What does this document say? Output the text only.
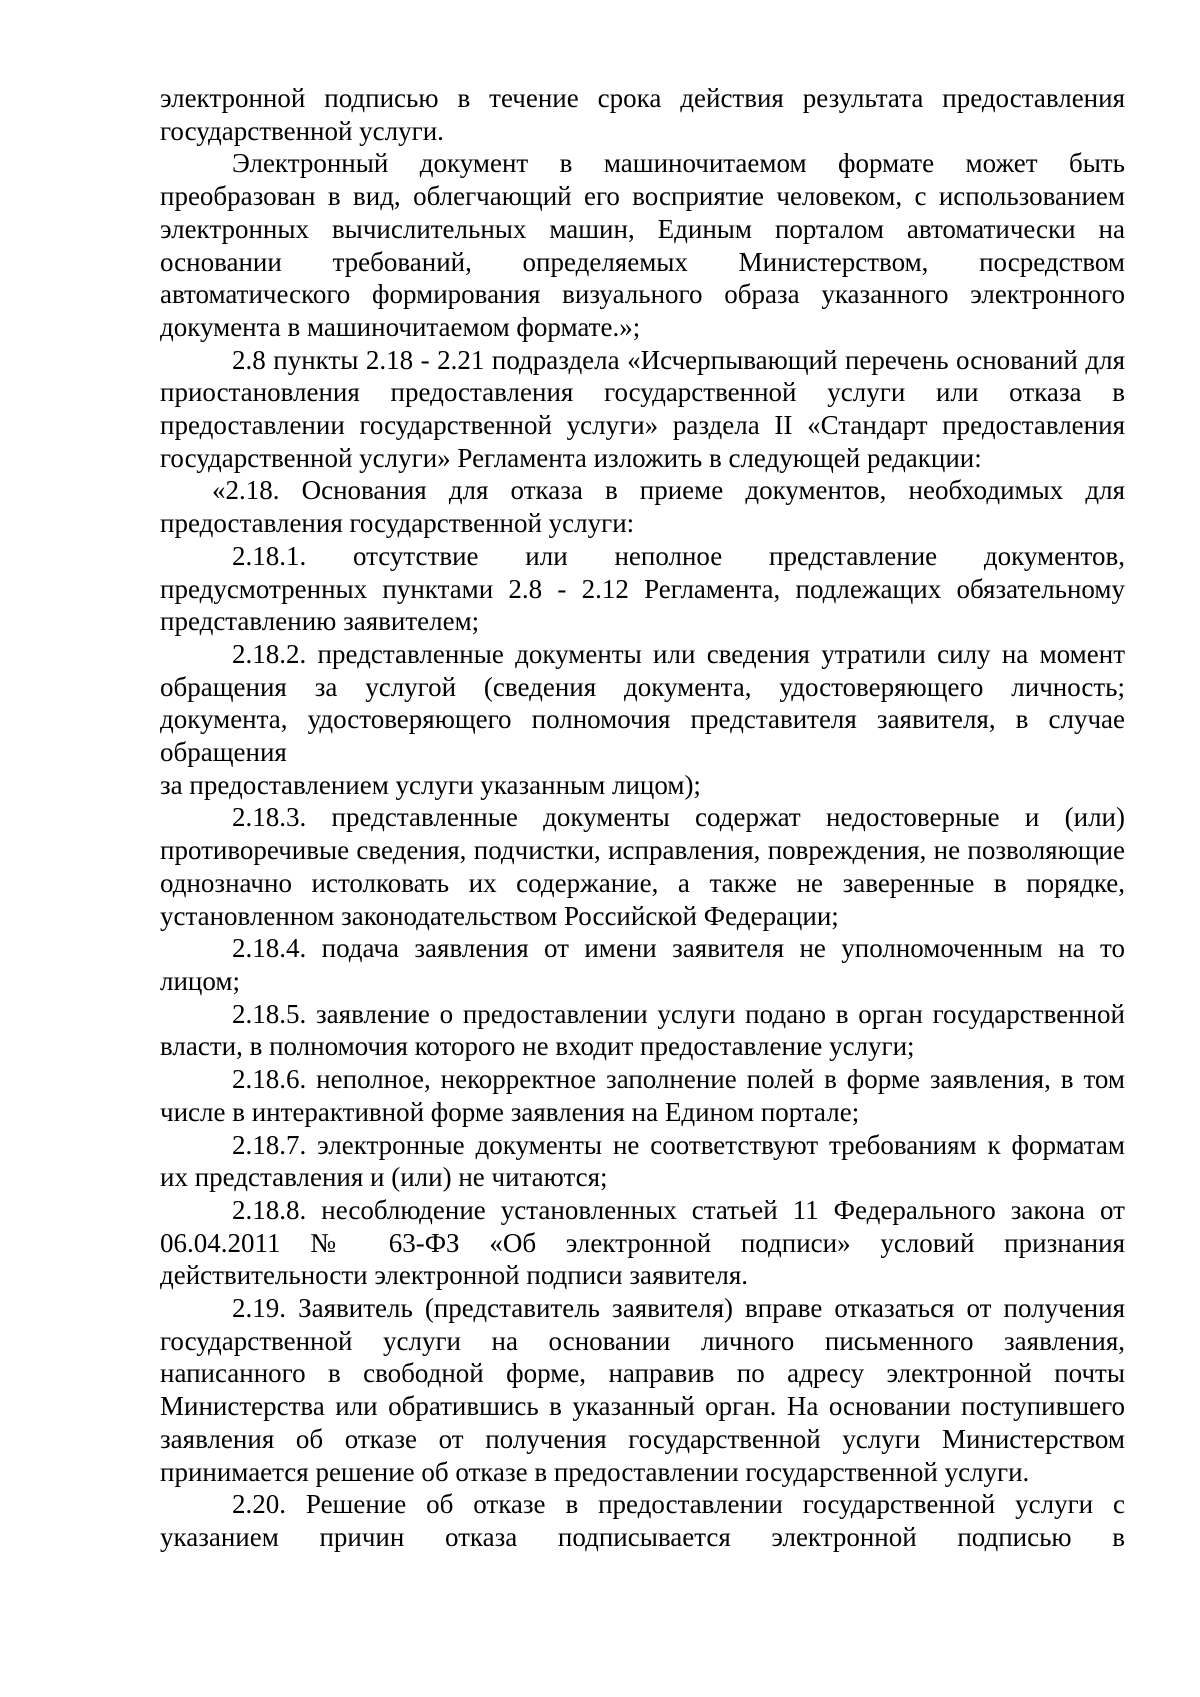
электронной подписью в течение срока действия результата предоставления государственной услуги.

Электронный документ в машиночитаемом формате может быть преобразован в вид, облегчающий его восприятие человеком, с использованием электронных вычислительных машин, Единым порталом автоматически на основании требований, определяемых Министерством, посредством автоматического формирования визуального образа указанного электронного документа в машиночитаемом формате.»;

2.8 пункты 2.18 - 2.21 подраздела «Исчерпывающий перечень оснований для приостановления предоставления государственной услуги или отказа в предоставлении государственной услуги» раздела II «Стандарт предоставления государственной услуги» Регламента изложить в следующей редакции:

«2.18. Основания для отказа в приеме документов, необходимых для предоставления государственной услуги:

2.18.1. отсутствие или неполное представление документов, предусмотренных пунктами 2.8 - 2.12 Регламента, подлежащих обязательному представлению заявителем;

2.18.2. представленные документы или сведения утратили силу на момент обращения за услугой (сведения документа, удостоверяющего личность; документа, удостоверяющего полномочия представителя заявителя, в случае обращения

за предоставлением услуги указанным лицом);

2.18.3. представленные документы содержат недостоверные и (или) противоречивые сведения, подчистки, исправления, повреждения, не позволяющие однозначно истолковать их содержание, а также не заверенные в порядке, установленном законодательством Российской Федерации;

2.18.4. подача заявления от имени заявителя не уполномоченным на то лицом;

2.18.5. заявление о предоставлении услуги подано в орган государственной власти, в полномочия которого не входит предоставление услуги;

2.18.6. неполное, некорректное заполнение полей в форме заявления, в том числе в интерактивной форме заявления на Едином портале;

2.18.7. электронные документы не соответствуют требованиям к форматам их представления и (или) не читаются;

2.18.8. несоблюдение установленных статьей 11 Федерального закона от 06.04.2011 № 63-ФЗ «Об электронной подписи» условий признания действительности электронной подписи заявителя.

2.19. Заявитель (представитель заявителя) вправе отказаться от получения государственной услуги на основании личного письменного заявления, написанного в свободной форме, направив по адресу электронной почты Министерства или обратившись в указанный орган. На основании поступившего заявления об отказе от получения государственной услуги Министерством принимается решение об отказе в предоставлении государственной услуги.

2.20. Решение об отказе в предоставлении государственной услуги с указанием причин отказа подписывается электронной подписью в
